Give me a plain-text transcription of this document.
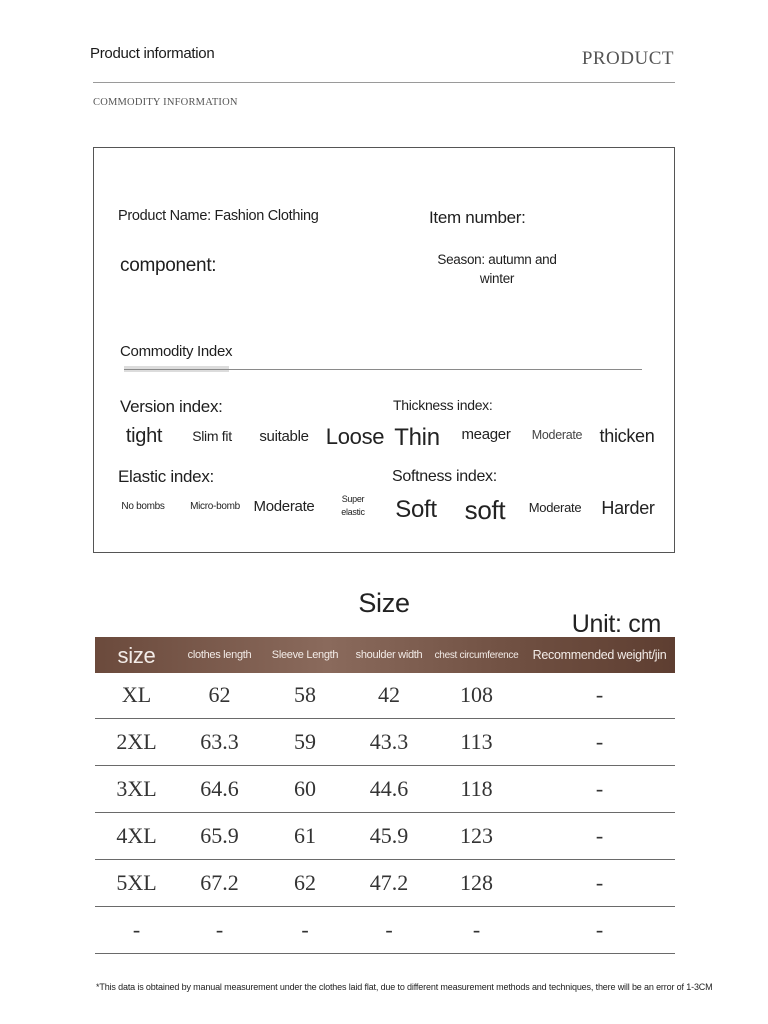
Product information	PRODUCT
COMMODITY INFORMATION
Product Name: Fashion Clothing	Item number:
component:	Season: autumn and winter
Commodity Index
Version index:	Thickness index:
Elastic index:	Softness index:
tight Slim fit suitable Loose Thin meager Moderate thicken
No bombs	Micro-bomb Moderate	Super elastic	Soft soft Moderate Harder
Size
Unit: cm
size	clothes length	Sleeve Length	shoulder width	chest circumference	Recommended weight/jin
XL	62	58	42	108	-
2XL	63.3	59	43.3	113	-
3XL	64.6	60	44.6	118	-
4XL	65.9	61	45.9	123	-
5XL	67.2	62	47.2	128	-
-	-	-	-	-	-
*This data is obtained by manual measurement under the clothes laid flat, due to different measurement methods and techniques, there will be an error of 1-3CM
